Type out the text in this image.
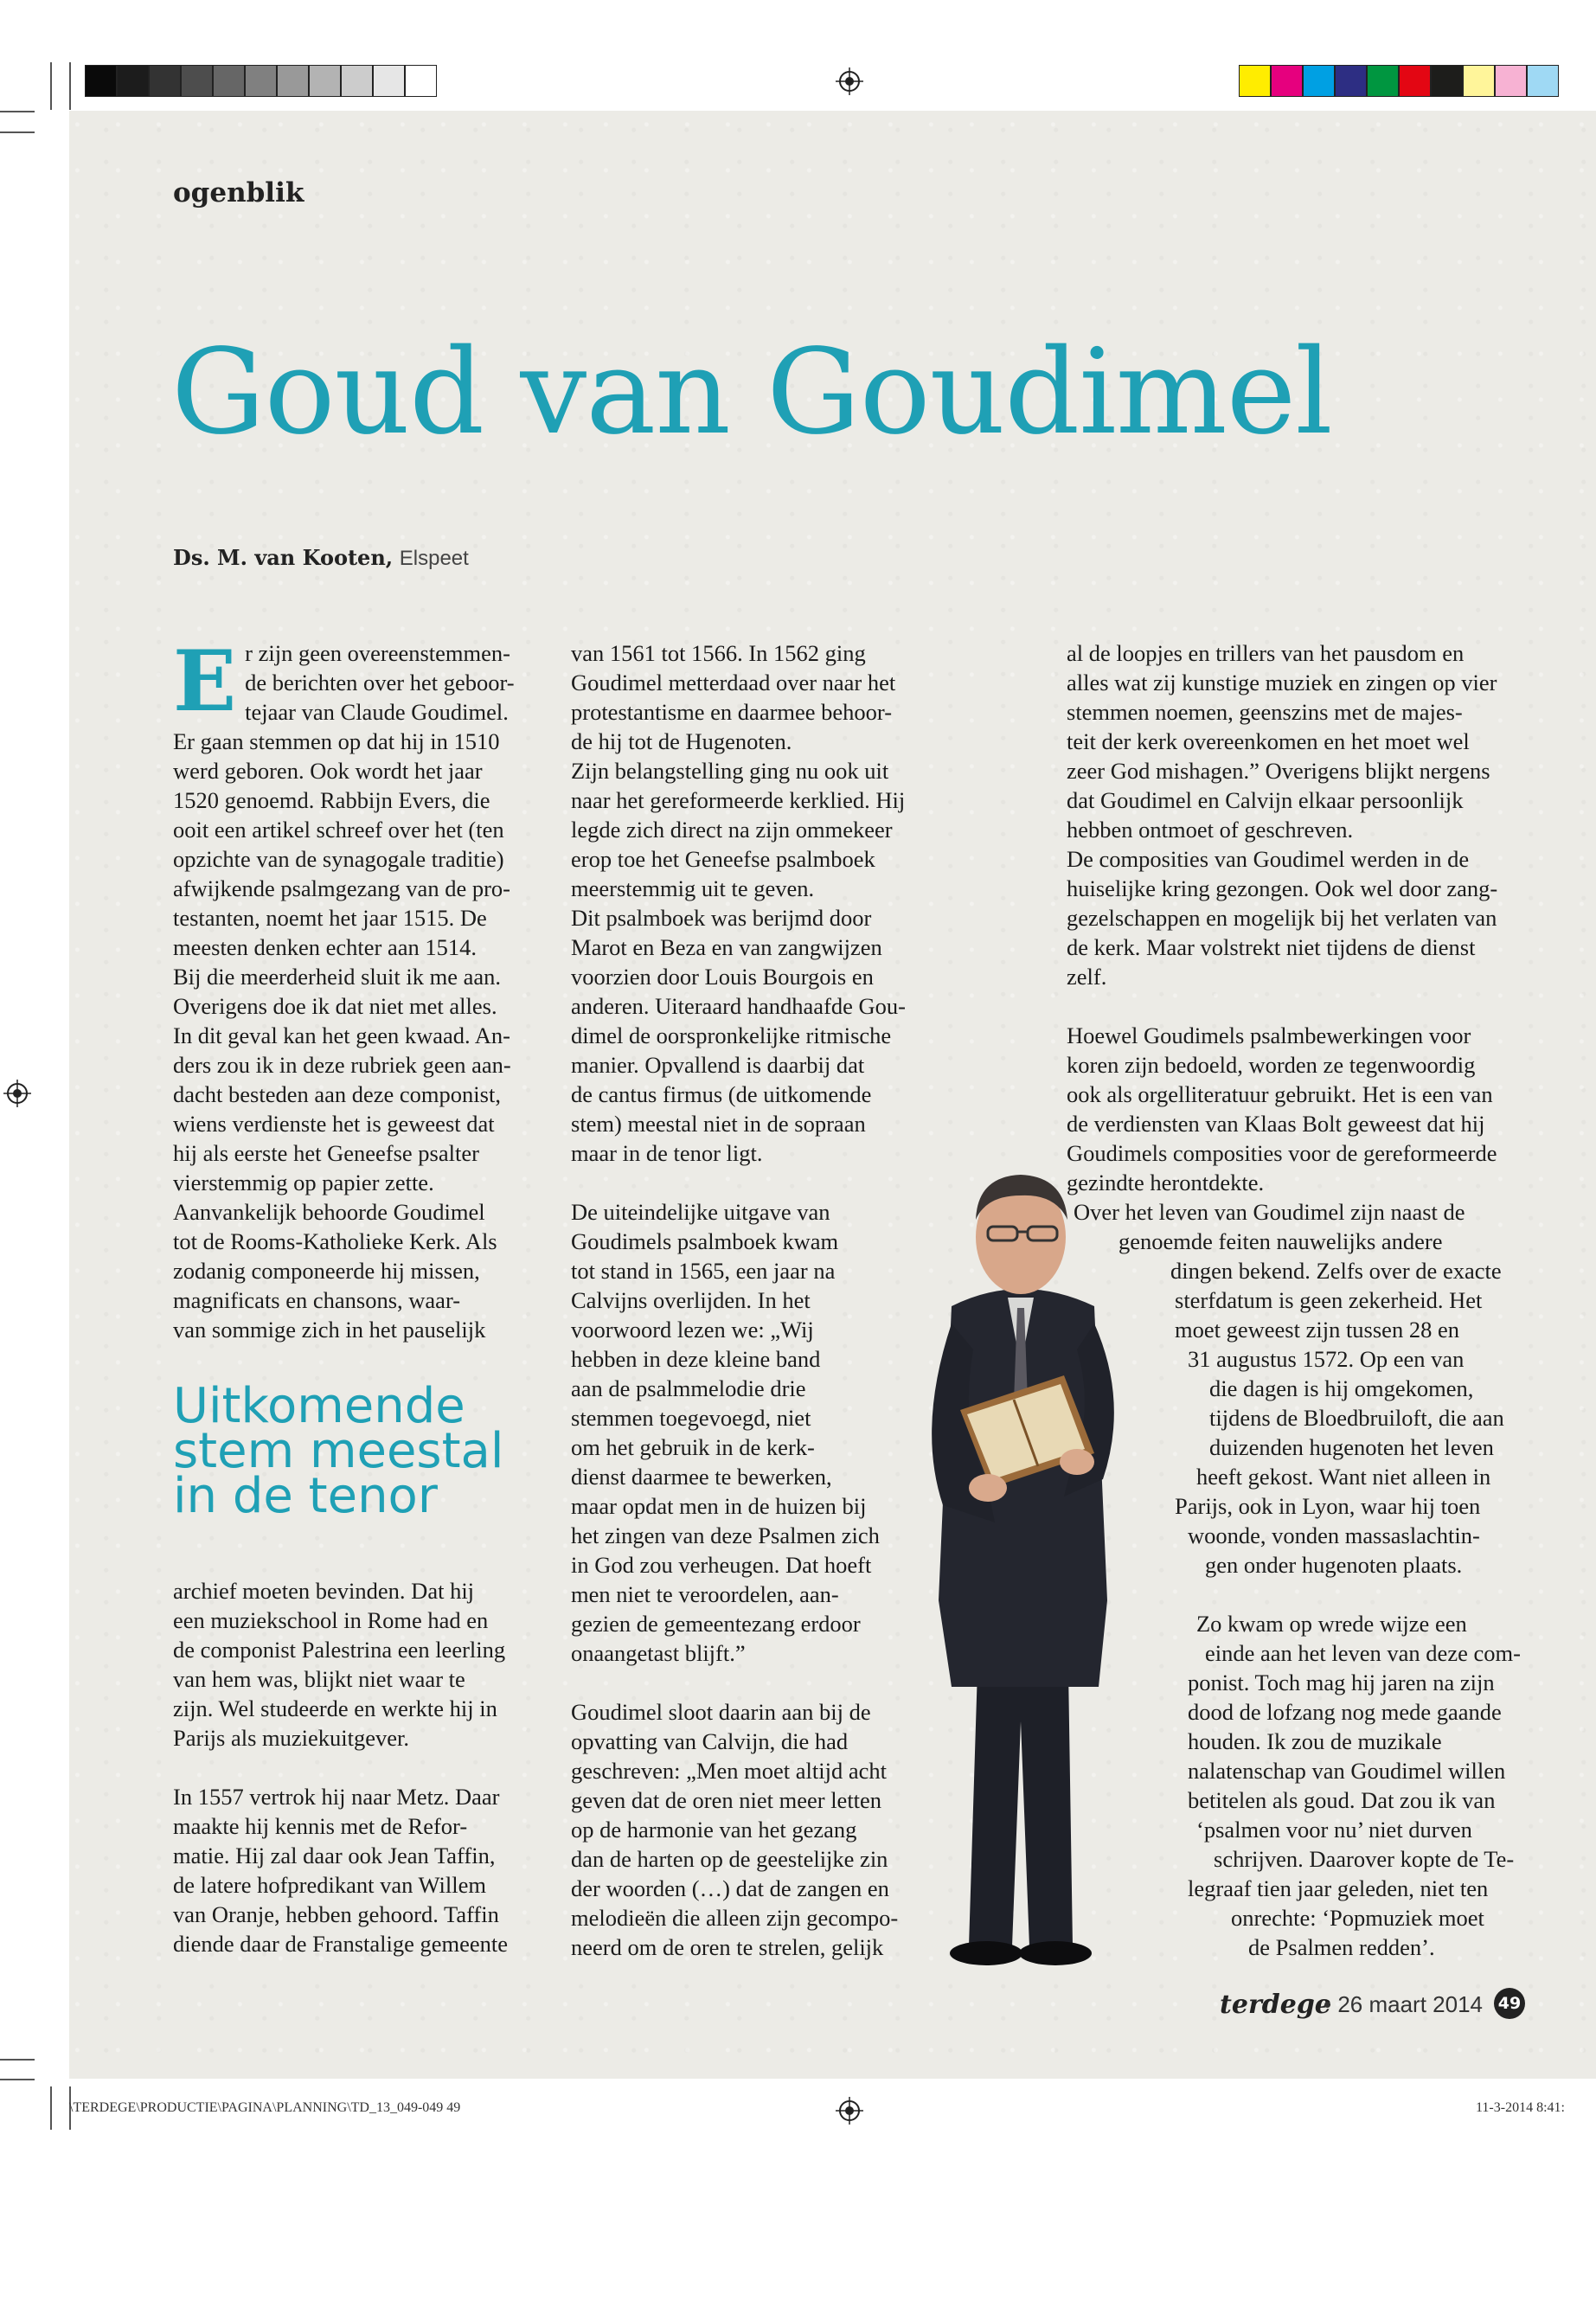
ogenblik
Goud van Goudimel
Ds. M. van Kooten, Elspeet
E r zijn geen overeenstemmen-

de berichten over het geboor-

tejaar van Claude Goudimel.

Er gaan stemmen op dat hij in 1510

werd geboren. Ook wordt het jaar

1520 genoemd. Rabbijn Evers, die

ooit een artikel schreef over het (ten

opzichte van de synagogale traditie)

afwijkende psalmgezang van de pro-

testanten, noemt het jaar 1515. De

meesten denken echter aan 1514.

Bij die meerderheid sluit ik me aan.

Overigens doe ik dat niet met alles.

In dit geval kan het geen kwaad. An-

ders zou ik in deze rubriek geen aan-

dacht besteden aan deze componist,

wiens verdienste het is geweest dat

hij als eerste het Geneefse psalter

vierstemmig op papier zette.

Aanvankelijk behoorde Goudimel

tot de Rooms-Katholieke Kerk. Als

zodanig componeerde hij missen,

magnificats en chansons, waar-

van sommige zich in het pauselijk

Uitkomende

stem meestal

in de tenor

archief moeten bevinden. Dat hij

een muziekschool in Rome had en

de componist Palestrina een leerling

van hem was, blijkt niet waar te

zijn. Wel studeerde en werkte hij in

Parijs als muziekuitgever.

In 1557 vertrok hij naar Metz. Daar

maakte hij kennis met de Refor-

matie. Hij zal daar ook Jean Taffin,

de latere hofpredikant van Willem

van Oranje, hebben gehoord. Taffin

diende daar de Franstalige gemeente

van 1561 tot 1566. In 1562 ging

Goudimel metterdaad over naar het

protestantisme en daarmee behoor-

de hij tot de Hugenoten.

Zijn belangstelling ging nu ook uit

naar het gereformeerde kerklied. Hij

legde zich direct na zijn ommekeer

erop toe het Geneefse psalmboek

meerstemmig uit te geven.

Dit psalmboek was berijmd door

Marot en Beza en van zangwijzen

voorzien door Louis Bourgois en

anderen. Uiteraard handhaafde Gou-

dimel de oorspronkelijke ritmische

manier. Opvallend is daarbij dat

de cantus firmus (de uitkomende

stem) meestal niet in de sopraan

maar in de tenor ligt.

De uiteindelijke uitgave van

Goudimels psalmboek kwam

tot stand in 1565, een jaar na

Calvijns overlijden. In het

voorwoord lezen we: „Wij

hebben in deze kleine band

aan de psalmmelodie drie

stemmen toegevoegd, niet

om het gebruik in de kerk-

dienst daarmee te bewerken,

maar opdat men in de huizen bij

het zingen van deze Psalmen zich

in God zou verheugen. Dat hoeft

men niet te veroordelen, aan-

gezien de gemeentezang erdoor

onaangetast blijft.”

Goudimel sloot daarin aan bij de

opvatting van Calvijn, die had

geschreven: „Men moet altijd acht

geven dat de oren niet meer letten

op de harmonie van het gezang

dan de harten op de geestelijke zin

der woorden (…) dat de zangen en

melodieën die alleen zijn gecompo-

neerd om de oren te strelen, gelijk

al de loopjes en trillers van het pausdom en

alles wat zij kunstige muziek en zingen op vier

stemmen noemen, geenszins met de majes-

teit der kerk overeenkomen en het moet wel

zeer God mishagen.” Overigens blijkt nergens

dat Goudimel en Calvijn elkaar persoonlijk

hebben ontmoet of geschreven.

De composities van Goudimel werden in de

huiselijke kring gezongen. Ook wel door zang-

gezelschappen en mogelijk bij het verlaten van

de kerk. Maar volstrekt niet tijdens de dienst

zelf.

Hoewel Goudimels psalmbewerkingen voor

koren zijn bedoeld, worden ze tegenwoordig

ook als orgelliteratuur gebruikt. Het is een van

de verdiensten van Klaas Bolt geweest dat hij

Goudimels composities voor de gereformeerde

gezindte herontdekte.

Over het leven van Goudimel zijn naast de

genoemde feiten nauwelijks andere

dingen bekend. Zelfs over de exacte

sterfdatum is geen zekerheid. Het

moet geweest zijn tussen 28 en

31 augustus 1572. Op een van

die dagen is hij omgekomen,

tijdens de Bloedbruiloft, die aan

duizenden hugenoten het leven

heeft gekost. Want niet alleen in

Parijs, ook in Lyon, waar hij toen

woonde, vonden massaslachtin-

gen onder hugenoten plaats.

Zo kwam op wrede wijze een

einde aan het leven van deze com-

ponist. Toch mag hij jaren na zijn

dood de lofzang nog mede gaande

houden. Ik zou de muzikale

nalatenschap van Goudimel willen

betitelen als goud. Dat zou ik van

‘psalmen voor nu’ niet durven

schrijven. Daarover kopte de Te-

legraaf tien jaar geleden, niet ten

onrechte: ‘Popmuziek moet

de Psalmen redden’.

terdege
• 26 maart 2014 49
\TERDEGE\PRODUCTIE\PAGINA\PLANNING\TD_13_049-049 49	11-3-2014 8:41:
